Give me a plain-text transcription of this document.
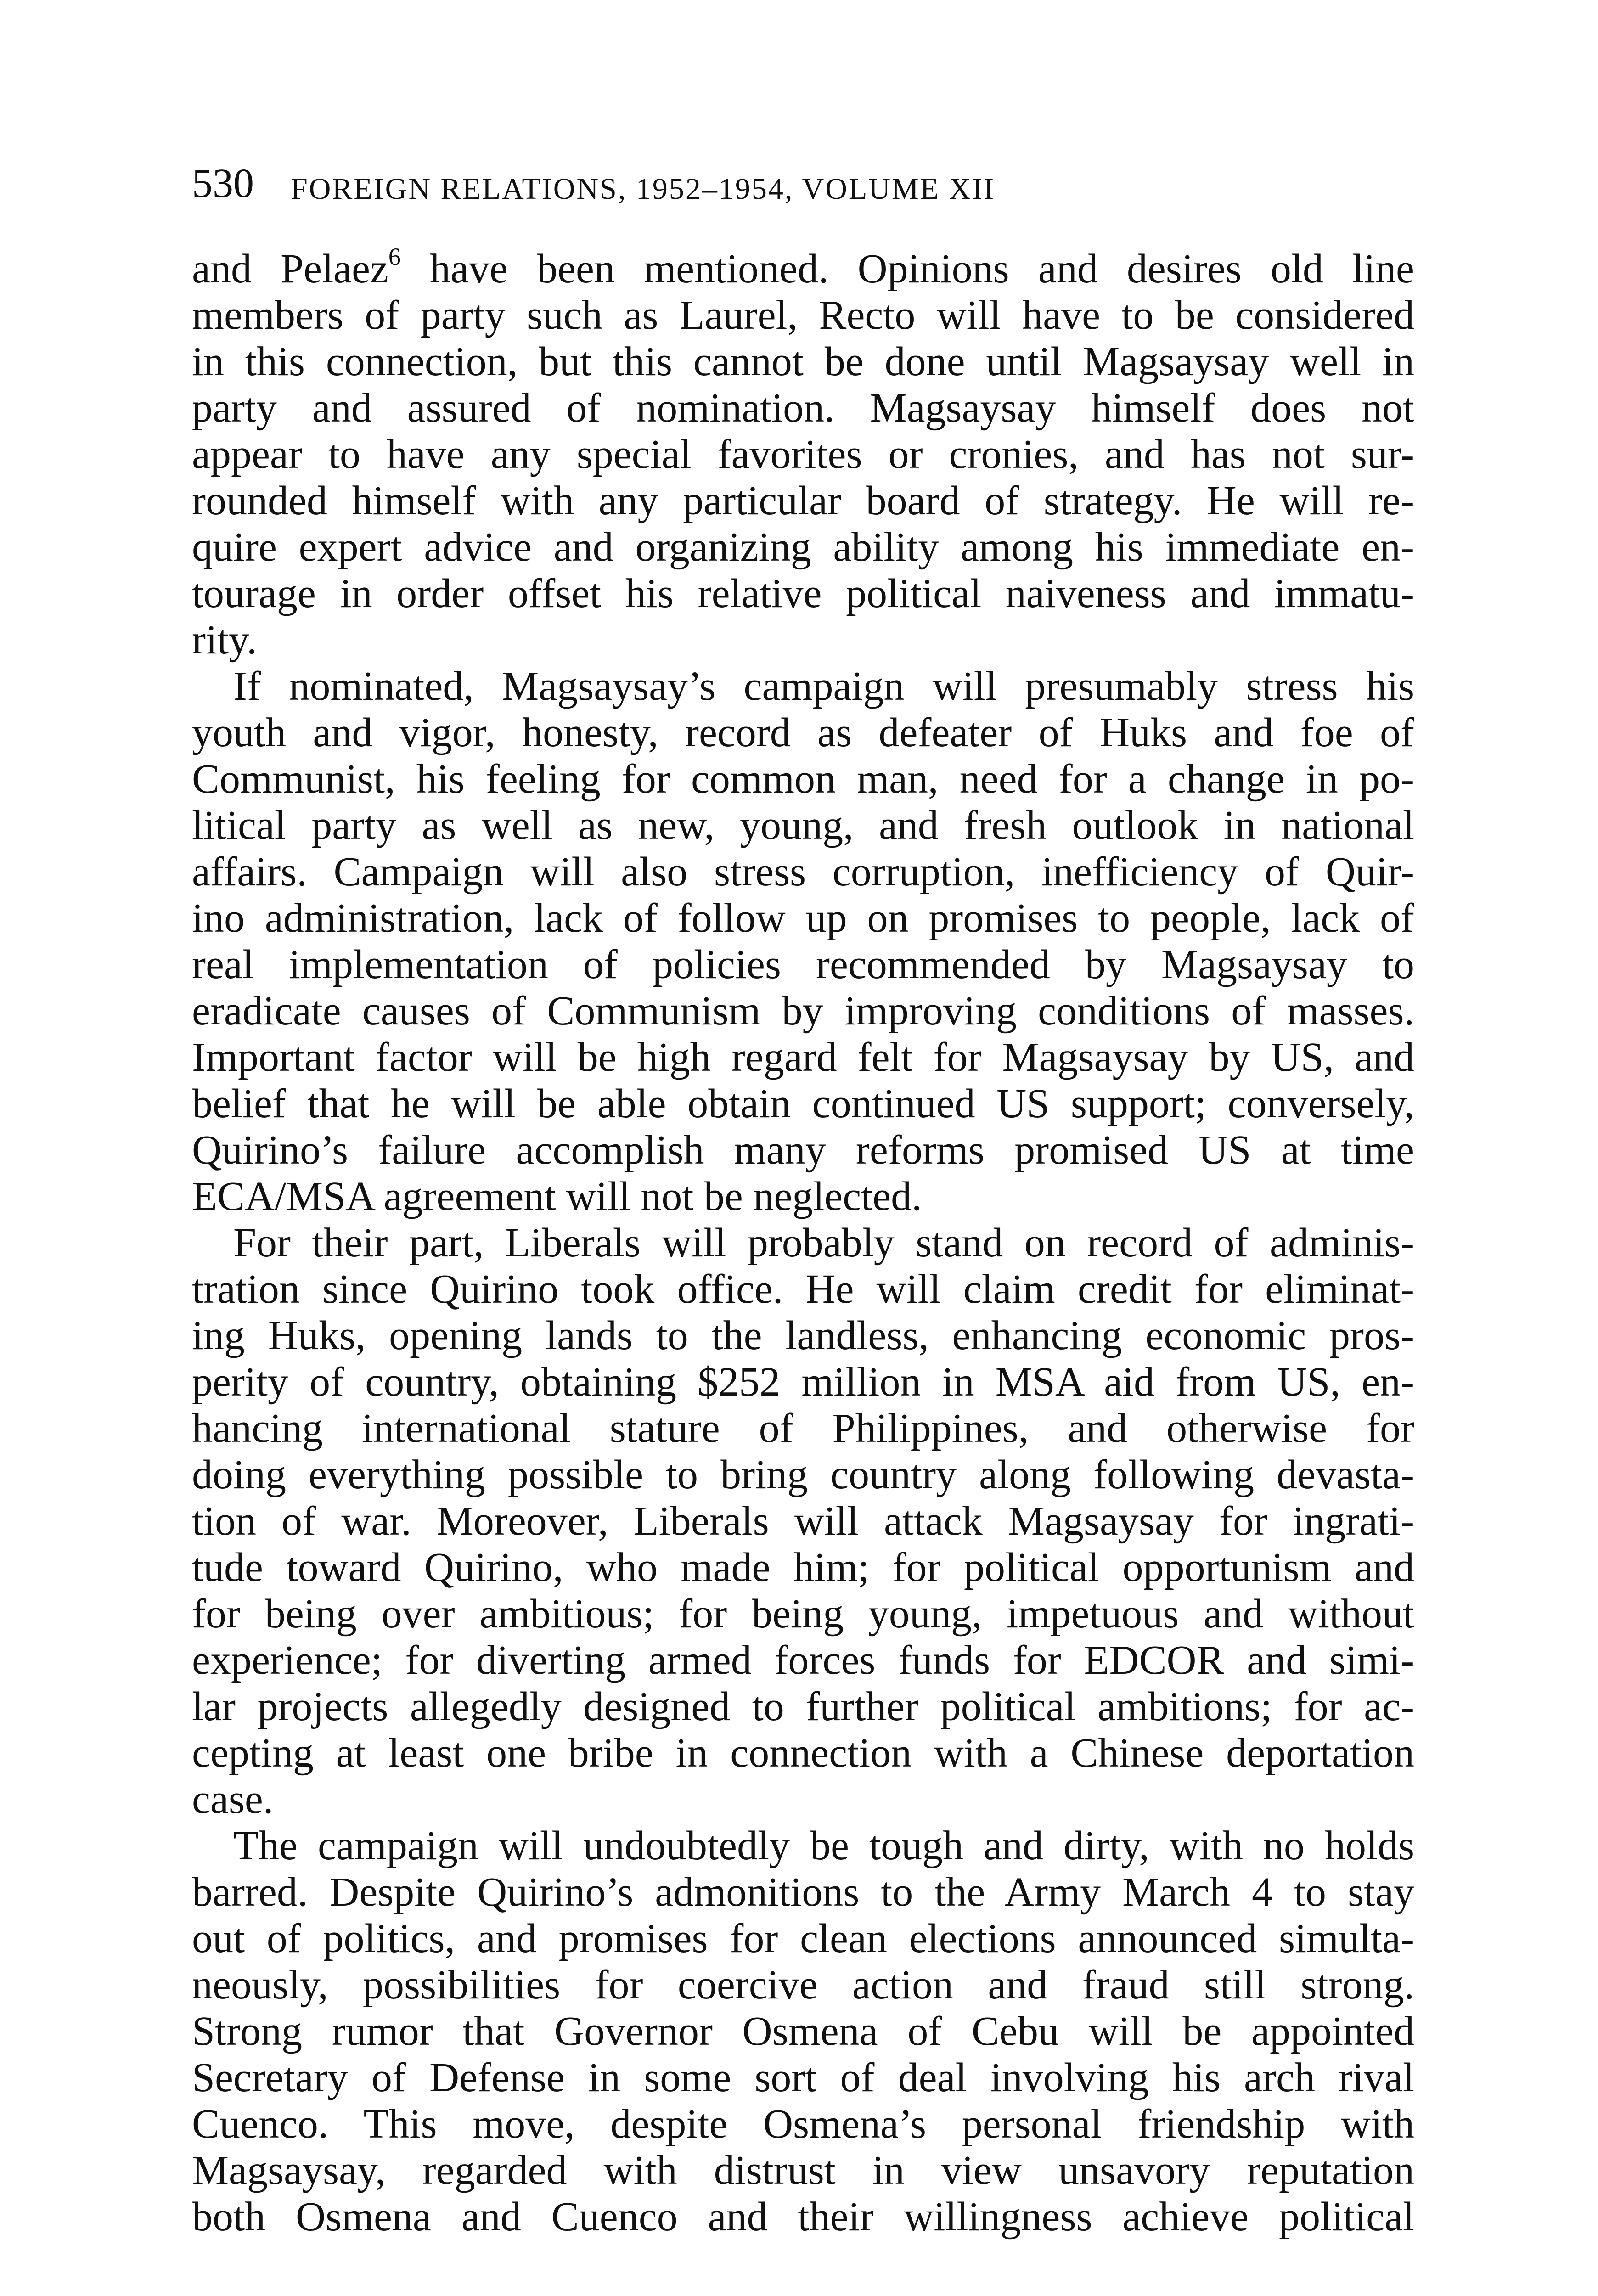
530 FOREIGN RELATIONS, 1952–1954, VOLUME XII
and Pelaez$^6$ have been mentioned. Opinions and desires old line
members of party such as Laurel, Recto will have to be considered
in this connection, but this cannot be done until Magsaysay well in
party and assured of nomination. Magsaysay himself does not
appear to have any special favorites or cronies, and has not sur-
rounded himself with any particular board of strategy. He will re-
quire expert advice and organizing ability among his immediate en-
tourage in order offset his relative political naiveness and immatu-
rity.
If nominated, Magsaysay’s campaign will presumably stress his
youth and vigor, honesty, record as defeater of Huks and foe of
Communist, his feeling for common man, need for a change in po-
litical party as well as new, young, and fresh outlook in national
affairs. Campaign will also stress corruption, inefficiency of Quir-
ino administration, lack of follow up on promises to people, lack of
real implementation of policies recommended by Magsaysay to
eradicate causes of Communism by improving conditions of masses.
Important factor will be high regard felt for Magsaysay by US, and
belief that he will be able obtain continued US support; conversely,
Quirino’s failure accomplish many reforms promised US at time
ECA/MSA agreement will not be neglected.
For their part, Liberals will probably stand on record of adminis-
tration since Quirino took office. He will claim credit for eliminat-
ing Huks, opening lands to the landless, enhancing economic pros-
perity of country, obtaining $252 million in MSA aid from US, en-
hancing international stature of Philippines, and otherwise for
doing everything possible to bring country along following devasta-
tion of war. Moreover, Liberals will attack Magsaysay for ingrati-
tude toward Quirino, who made him; for political opportunism and
for being over ambitious; for being young, impetuous and without
experience; for diverting armed forces funds for EDCOR and simi-
lar projects allegedly designed to further political ambitions; for ac-
cepting at least one bribe in connection with a Chinese deportation
case.
The campaign will undoubtedly be tough and dirty, with no holds
barred. Despite Quirino’s admonitions to the Army March 4 to stay
out of politics, and promises for clean elections announced simulta-
neously, possibilities for coercive action and fraud still strong.
Strong rumor that Governor Osmena of Cebu will be appointed
Secretary of Defense in some sort of deal involving his arch rival
Cuenco. This move, despite Osmena’s personal friendship with
Magsaysay, regarded with distrust in view unsavory reputation
both Osmena and Cuenco and their willingness achieve political
